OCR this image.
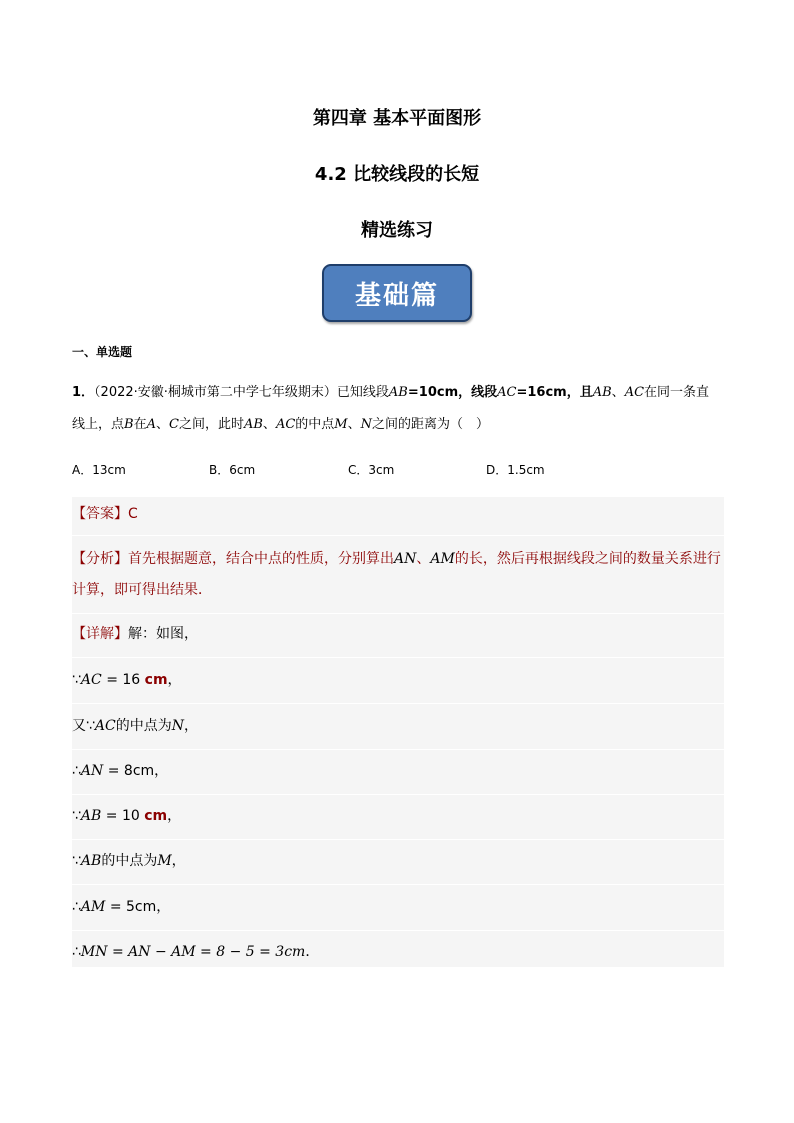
第四章 基本平面图形
4.2 比较线段的长短
精选练习
基础篇
一、单选题
1．（2022·安徽·桐城市第二中学七年级期末）已知线段AB=10cm，线段AC=16cm，且AB、AC在同一条直
线上，点B在A、C之间，此时AB、AC的中点M、N之间的距离为（　）
A．13cm	B．6cm	C．3cm	D．1.5cm
【答案】C
【分析】首先根据题意，结合中点的性质，分别算出AN、AM的长，然后再根据线段之间的数量关系进行
计算，即可得出结果．
【详解】解：如图，
∵AC = 16 cm，
又∵AC的中点为N，
∴AN = 8cm，
∵AB = 10 cm，
∵AB的中点为M，
∴AM = 5cm，
∴MN = AN − AM = 8 − 5 = 3cm．
